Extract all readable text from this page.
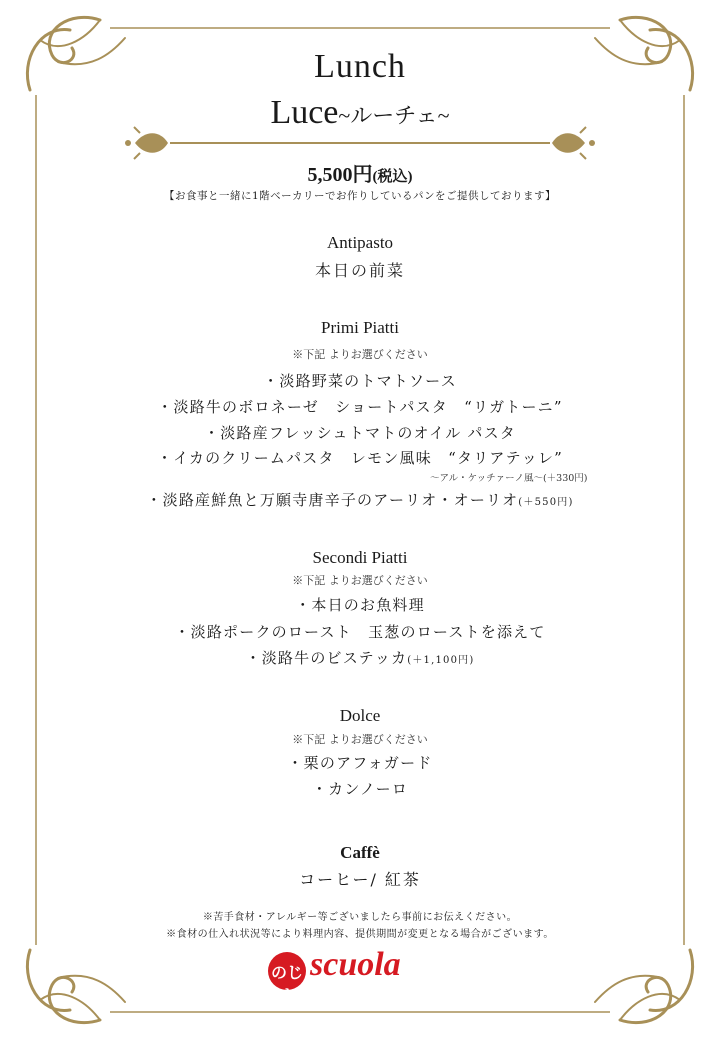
Lunch
Luce~ルーチェ~
5,500円(税込)
【お食事と一緒に1階ベーカリーでお作りしているパンをご提供しております】
Antipasto
本日の前菜
Primi Piatti
※下記 よりお選びください
・淡路野菜のトマトソース
・淡路牛のボロネーゼ　ショートパスタ　“リガトーニ”
・淡路産フレッシュトマトのオイル パスタ
・イカのクリームパスタ　レモン風味　“タリアテッレ”
～アル・ケッチァーノ風～(＋330円)
・淡路産鮮魚と万願寺唐辛子のアーリオ・オーリオ(＋550円)
Secondi Piatti
※下記 よりお選びください
・本日のお魚料理
・淡路ポークのロースト　玉葱のローストを添えて
・淡路牛のビステッカ(＋1,100円)
Dolce
※下記 よりお選びください
・栗のアフォガード
・カンノーロ
Caffè
コーヒー/ 紅茶
※苦手食材・アレルギー等ございましたら事前にお伝えください。
※食材の仕入れ状況等により料理内容、提供期間が変更となる場合がございます。
のじま
scuola
